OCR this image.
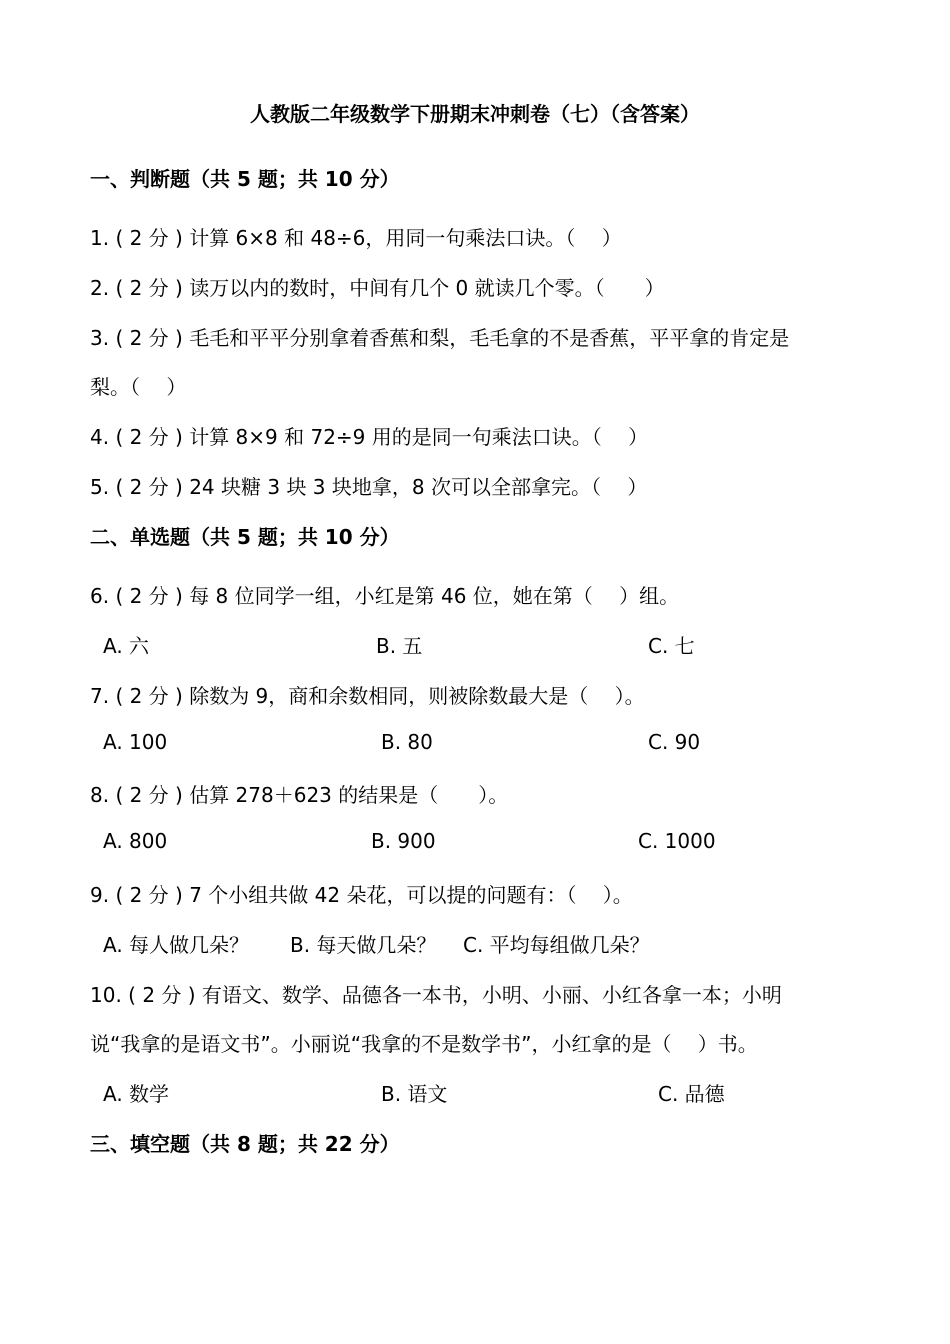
人教版二年级数学下册期末冲刺卷（七）（含答案）
一、判断题（共 5 题；共 10 分）
1. ( 2 分 ) 计算 6×8 和 48÷6，用同一句乘法口诀。（　 ）
2. ( 2 分 ) 读万以内的数时，中间有几个 0 就读几个零。（　　）
3. ( 2 分 ) 毛毛和平平分别拿着香蕉和梨，毛毛拿的不是香蕉，平平拿的肯定是
梨。（　 ）
4. ( 2 分 ) 计算 8×9 和 72÷9 用的是同一句乘法口诀。（　 ）
5. ( 2 分 ) 24 块糖 3 块 3 块地拿，8 次可以全部拿完。（　 ）
二、单选题（共 5 题；共 10 分）
6. ( 2 分 ) 每 8 位同学一组，小红是第 46 位，她在第（　 ）组。
A. 六	B. 五	C. 七
7. ( 2 分 ) 除数为 9，商和余数相同，则被除数最大是（　 ）。
A. 100	B. 80	C. 90
8. ( 2 分 ) 估算 278＋623 的结果是（　　）。
A. 800	B. 900	C. 1000
9. ( 2 分 ) 7 个小组共做 42 朵花，可以提的问题有：（　 ）。
A. 每人做几朵？ B. 每天做几朵？ C. 平均每组做几朵？
10. ( 2 分 ) 有语文、数学、品德各一本书，小明、小丽、小红各拿一本；小明
说“我拿的是语文书”。小丽说“我拿的不是数学书”，小红拿的是（　 ）书。
A. 数学	B. 语文	C. 品德
三、填空题（共 8 题；共 22 分）
